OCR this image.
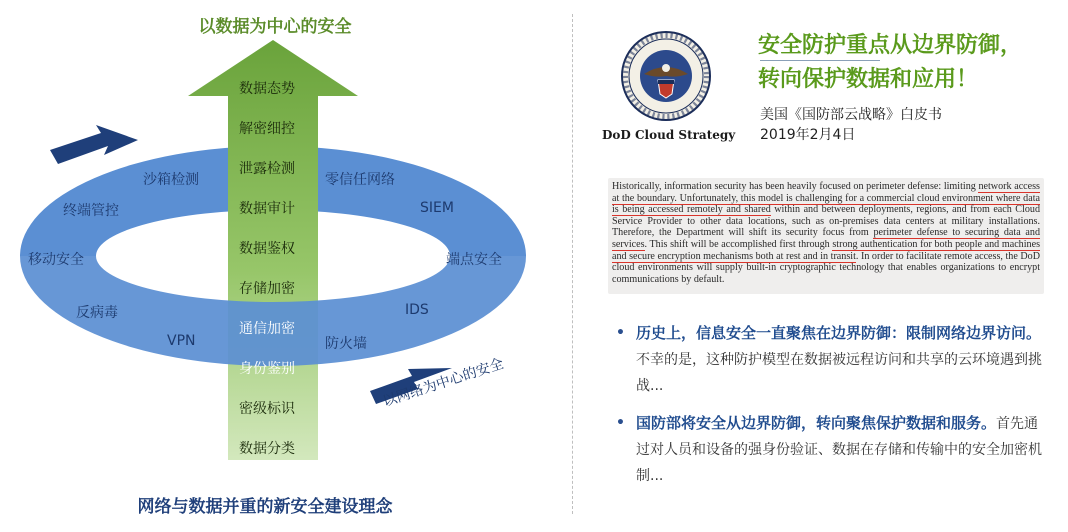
以数据为中心的安全
沙箱检测	零信任网络
终端管控	SIEM
移动安全	端点安全
反病毒	IDS
VPN	防火墙
数据态势
解密细控
泄露检测
数据审计
数据鉴权
存储加密
通信加密
身份鉴别
密级标识
数据分类
以网络为中心的安全
网络与数据并重的新安全建设理念
DoD Cloud Strategy
安全防护重点从边界防御，
转向保护数据和应用！
美国《国防部云战略》白皮书
2019年2月4日
Historically, information security has been heavily focused on perimeter defense: limiting network access at the boundary. Unfortunately, this model is challenging for a commercial cloud environment where data is being accessed remotely and shared within and between deployments, regions, and from each Cloud Service Provider to other data locations, such as on-premises data centers at military installations. Therefore, the Department will shift its security focus from perimeter defense to securing data and services. This shift will be accomplished first through strong authentication for both people and machines and secure encryption mechanisms both at rest and in transit. In order to facilitate remote access, the DoD cloud environments will supply built-in cryptographic technology that enables organizations to encrypt communications by default.
• 历史上，信息安全一直聚焦在边界防御：限制网络边界访问。不幸的是，这种防护模型在数据被远程访问和共享的云环境遇到挑战...
• 国防部将安全从边界防御，转向聚焦保护数据和服务。首先通过对人员和设备的强身份验证、数据在存储和传输中的安全加密机制...
